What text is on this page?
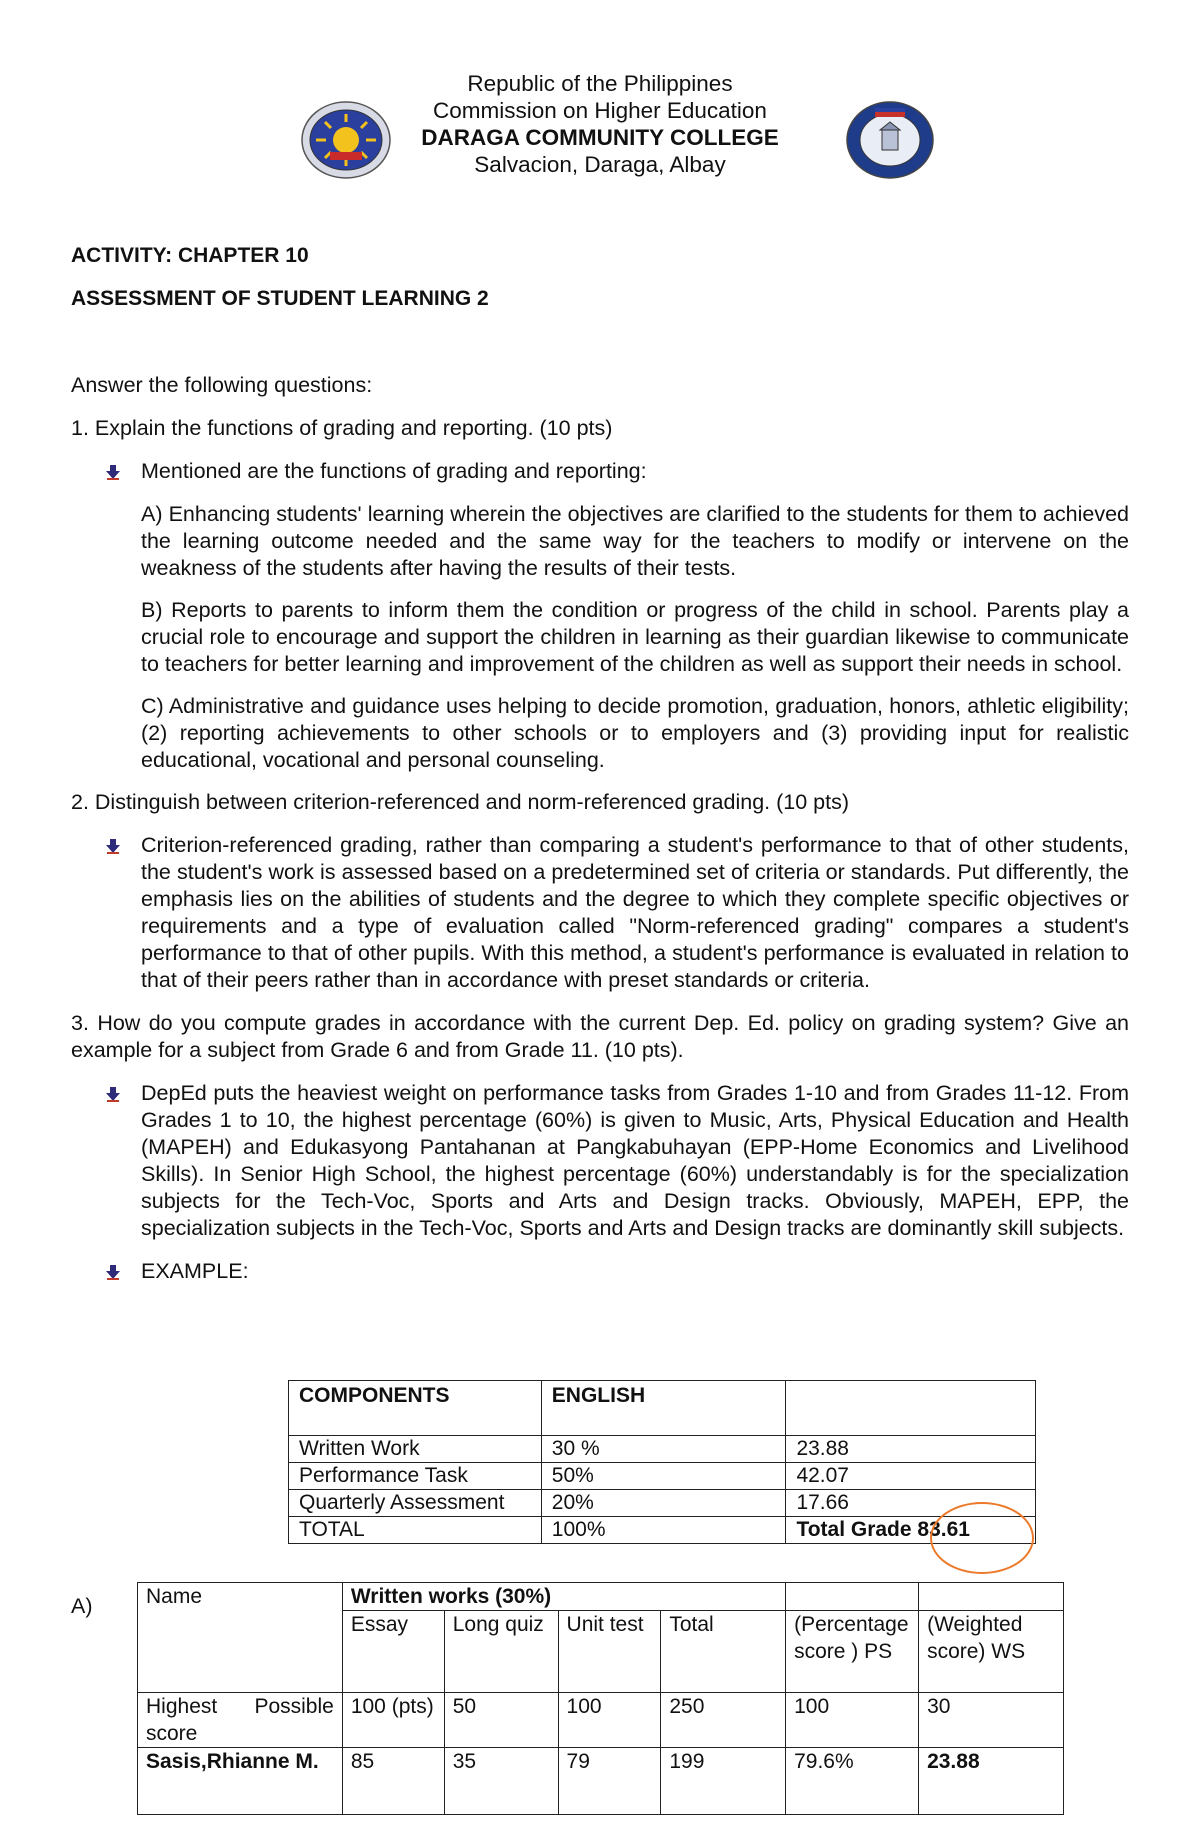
Republic of the Philippines
Commission on Higher Education
DARAGA COMMUNITY COLLEGE
Salvacion, Daraga, Albay
ACTIVITY: CHAPTER 10
ASSESSMENT OF STUDENT LEARNING 2

Answer the following questions:

1. Explain the functions of grading and reporting. (10 pts)

Mentioned are the functions of grading and reporting:

A) Enhancing students' learning wherein the objectives are clarified to the students for them to achieved the learning outcome needed and the same way for the teachers to modify or intervene on the weakness of the students after having the results of their tests.

B) Reports to parents to inform them the condition or progress of the child in school. Parents play a crucial role to encourage and support the children in learning as their guardian likewise to communicate to teachers for better learning and improvement of the children as well as support their needs in school.

C) Administrative and guidance uses helping to decide promotion, graduation, honors, athletic eligibility; (2) reporting achievements to other schools or to employers and (3) providing input for realistic educational, vocational and personal counseling.

2. Distinguish between criterion-referenced and norm-referenced grading. (10 pts)

Criterion-referenced grading, rather than comparing a student's performance to that of other students, the student's work is assessed based on a predetermined set of criteria or standards. Put differently, the emphasis lies on the abilities of students and the degree to which they complete specific objectives or requirements and a type of evaluation called "Norm-referenced grading" compares a student's performance to that of other pupils. With this method, a student's performance is evaluated in relation to that of their peers rather than in accordance with preset standards or criteria.

3. How do you compute grades in accordance with the current Dep. Ed. policy on grading system? Give an example for a subject from Grade 6 and from Grade 11. (10 pts).

DepEd puts the heaviest weight on performance tasks from Grades 1-10 and from Grades 11-12. From Grades 1 to 10, the highest percentage (60%) is given to Music, Arts, Physical Education and Health (MAPEH) and Edukasyong Pantahanan at Pangkabuhayan (EPP-Home Economics and Livelihood Skills). In Senior High School, the highest percentage (60%) understandably is for the specialization subjects for the Tech-Voc, Sports and Arts and Design tracks. Obviously, MAPEH, EPP, the specialization subjects in the Tech-Voc, Sports and Arts and Design tracks are dominantly skill subjects.

EXAMPLE:

COMPONENTS	ENGLISH	
Written Work	30 %	23.88
Performance Task	50%	42.07
Quarterly Assessment	20%	17.66
TOTAL	100%	Total Grade 83.61
A)	Name	Written works (30%)					
	Essay	Long quiz	Unit test	Total	(Percentage score ) PS	(Weighted score) WS
Highest Possible score	100 (pts)	50	100	250	100	30
Sasis,Rhianne M.	85	35	79	199	79.6%	23.88
